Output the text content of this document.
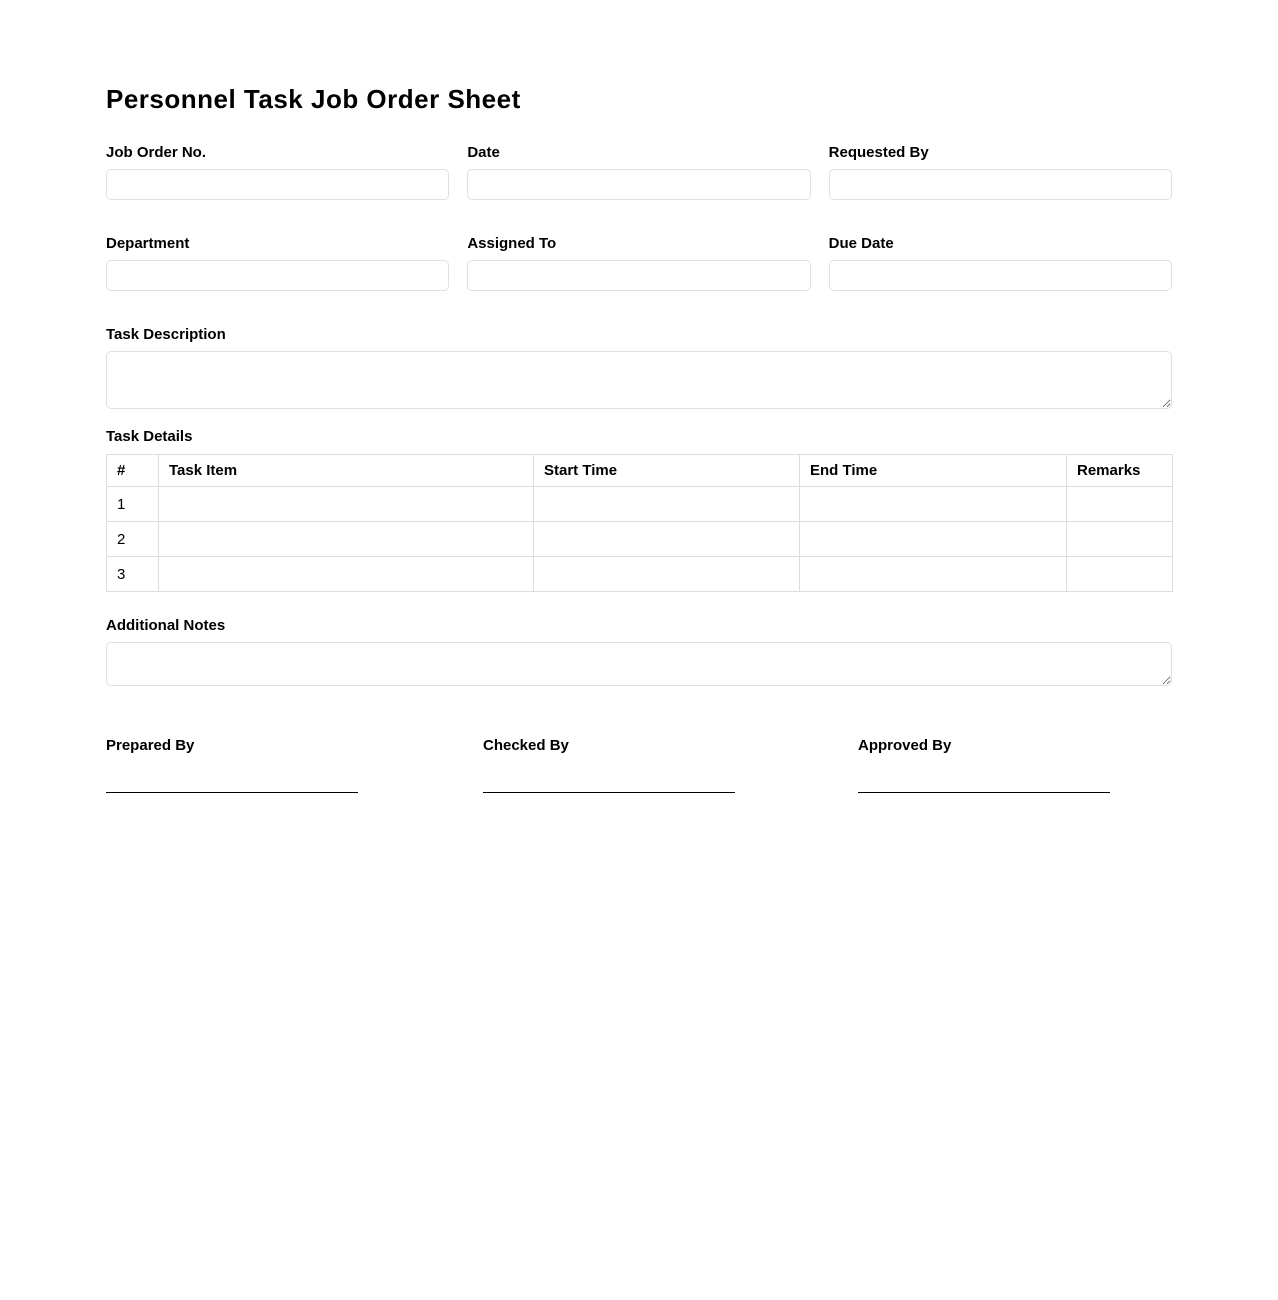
Personnel Task Job Order Sheet
Job Order No.	Date	Requested By
Department	Assigned To	Due Date
Task Description
Task Details
#	Task Item	Start Time	End Time	Remarks
1				
2				
3				
Additional Notes
Prepared By	Checked By	Approved By
